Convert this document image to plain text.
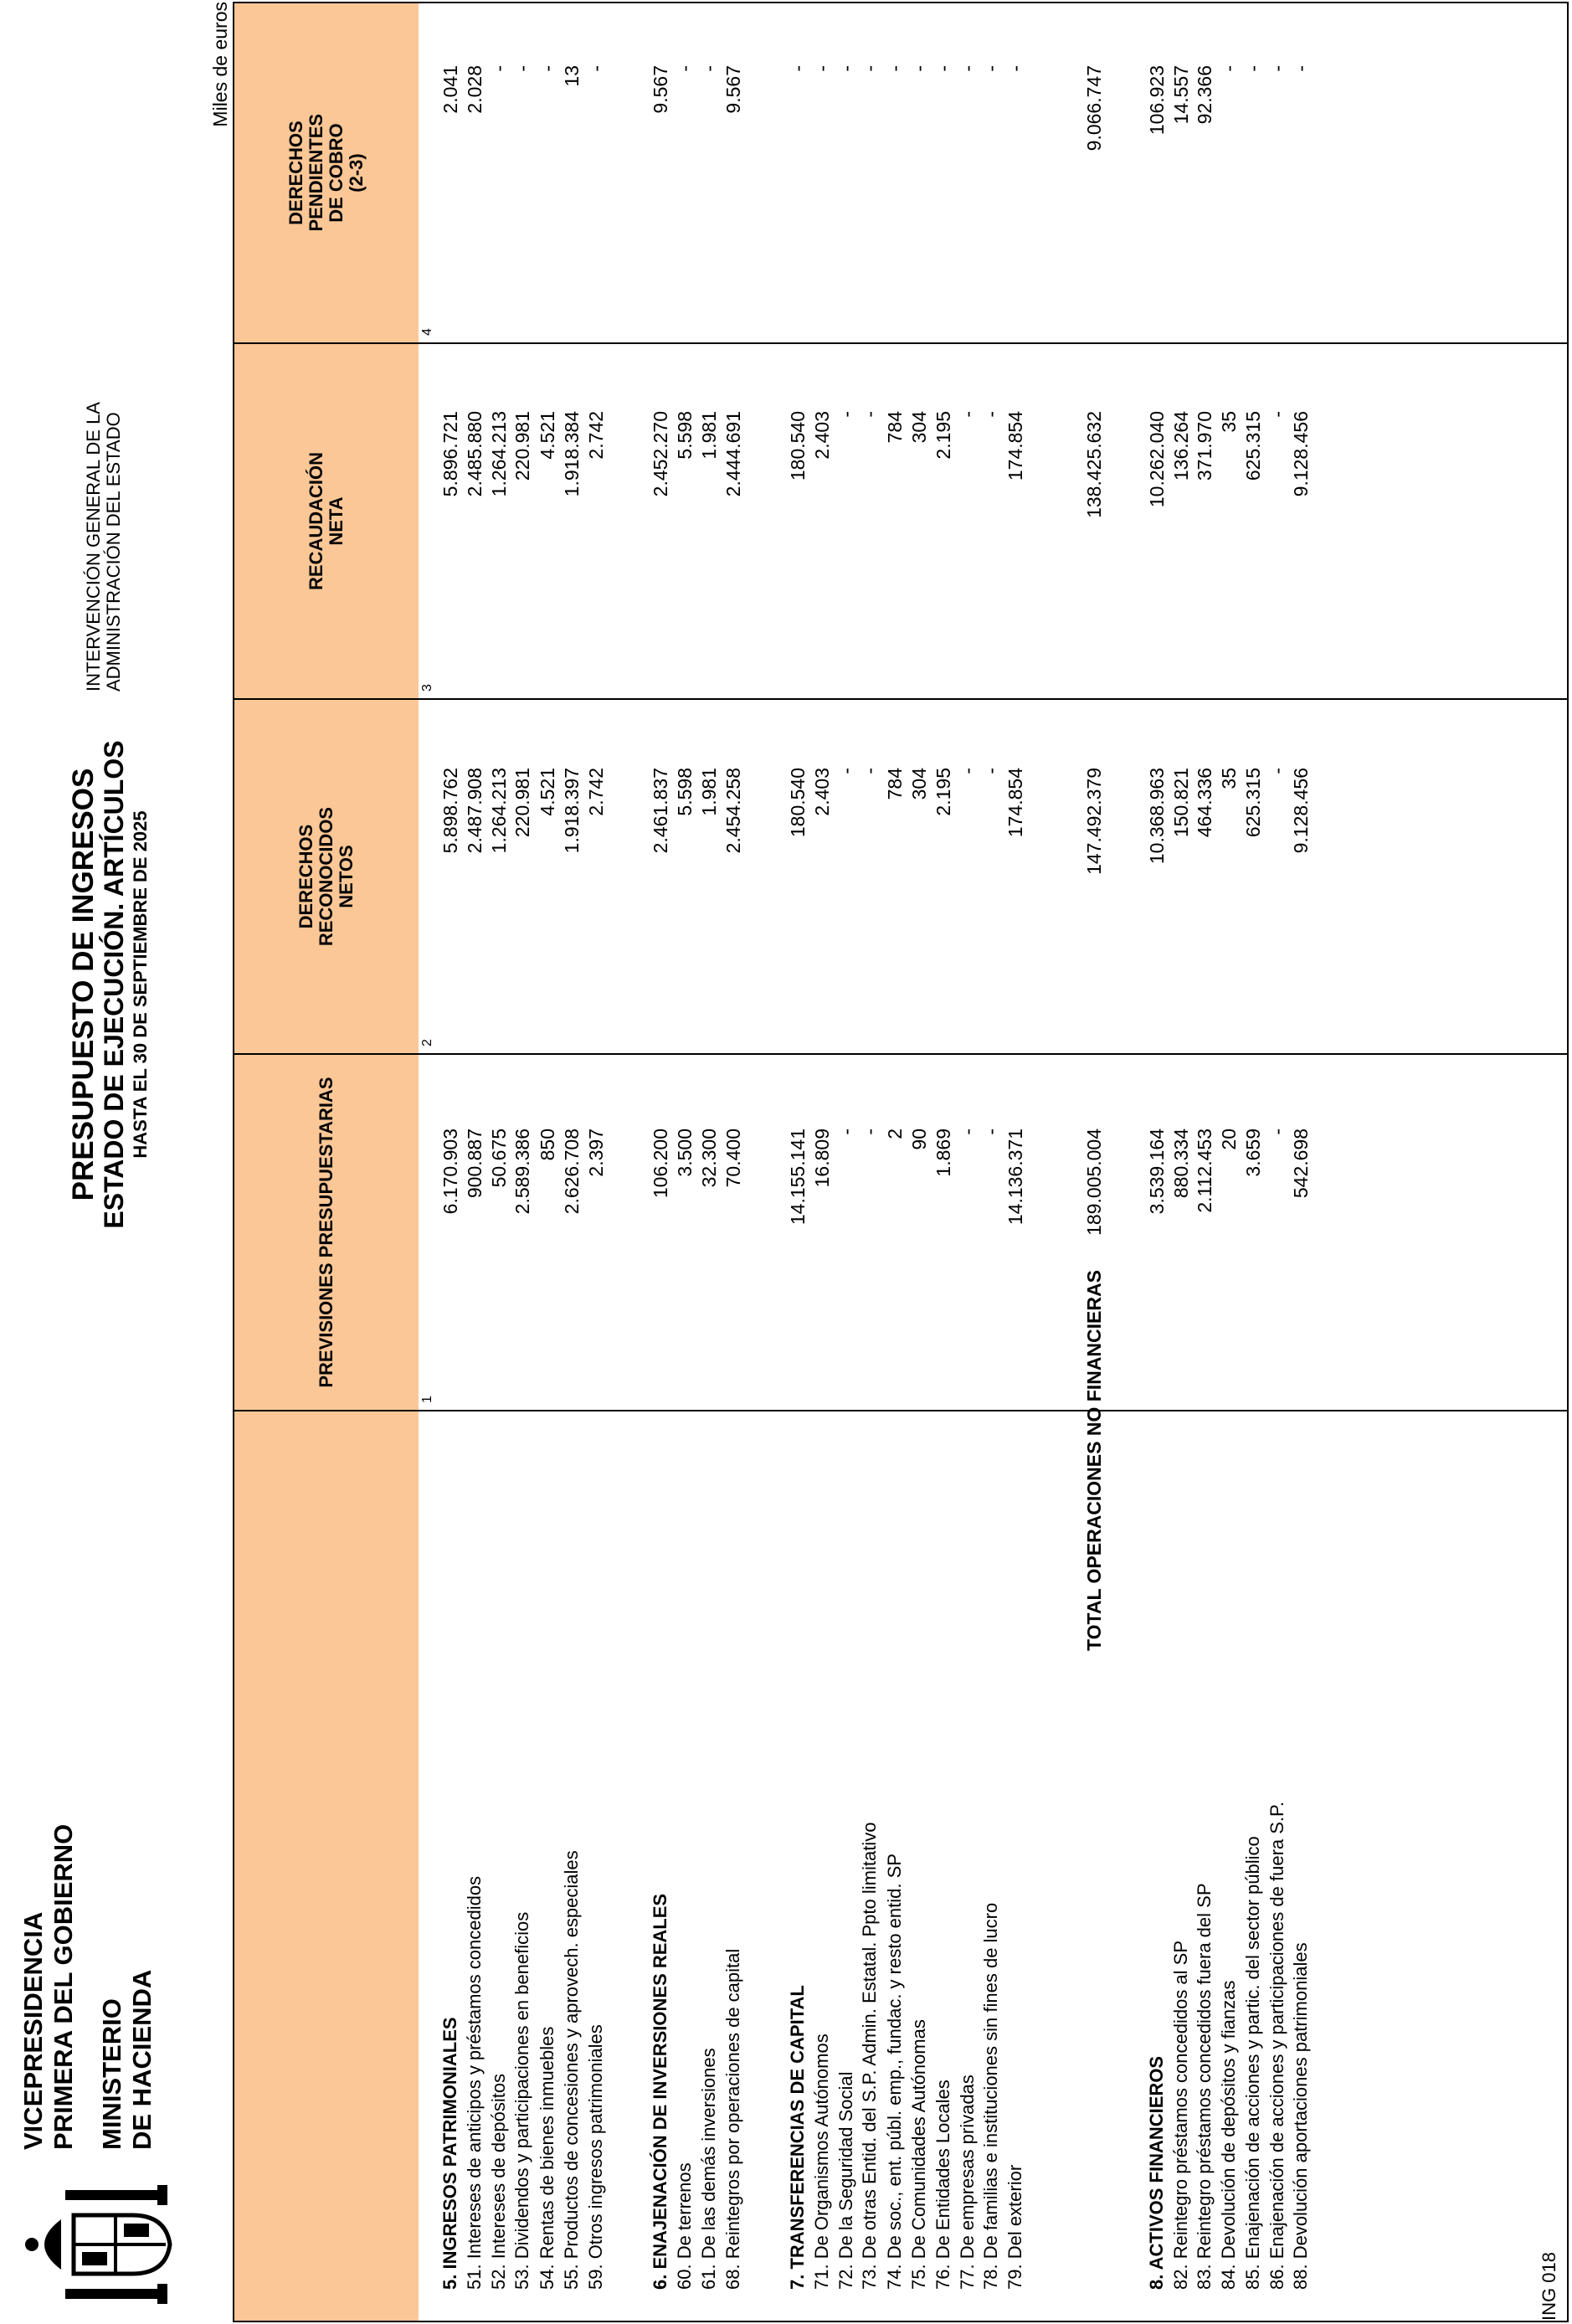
VICEPRESIDENCIA PRIMERA DEL GOBIERNO MINISTERIO DE HACIENDA
PRESUPUESTO DE INGRESOS ESTADO DE EJECUCIÓN. ARTÍCULOS HASTA EL 30 DE SEPTIEMBRE DE 2025
INTERVENCIÓN GENERAL DE LA ADMINISTRACIÓN DEL ESTADO
Miles de euros
PREVISIONES PRESUPUESTARIAS
DERECHOS RECONOCIDOS NETOS
RECAUDACIÓN NETA
DERECHOS PENDIENTES DE COBRO (2-3)
1
2
3
4
5. INGRESOS PATRIMONIALES
6.170.903
5.898.762
5.896.721
2.041
51. Intereses de anticipos y préstamos concedidos
900.887
2.487.908
2.485.880
2.028
52. Intereses de depósitos
50.675
1.264.213
1.264.213
-
53. Dividendos y participaciones en beneficios
2.589.386
220.981
220.981
-
54. Rentas de bienes inmuebles
850
4.521
4.521
-
55. Productos de concesiones y aprovech. especiales
2.626.708
1.918.397
1.918.384
13
59. Otros ingresos patrimoniales
2.397
2.742
2.742
-
6. ENAJENACIÓN DE INVERSIONES REALES
106.200
2.461.837
2.452.270
9.567
60. De terrenos
3.500
5.598
5.598
-
61. De las demás inversiones
32.300
1.981
1.981
-
68. Reintegros por operaciones de capital
70.400
2.454.258
2.444.691
9.567
7. TRANSFERENCIAS DE CAPITAL
14.155.141
180.540
180.540
-
71. De Organismos Autónomos
16.809
2.403
2.403
-
72. De la Seguridad Social
-
-
-
-
73. De otras Entid. del S.P. Admin. Estatal. Ppto limitativo
-
-
-
-
74. De soc., ent. públ. emp., fundac. y resto entid. SP
2
784
784
-
75. De Comunidades Autónomas
90
304
304
-
76. De Entidades Locales
1.869
2.195
2.195
-
77. De empresas privadas
-
-
-
-
78. De familias e instituciones sin fines de lucro
-
-
-
-
79. Del exterior
14.136.371
174.854
174.854
-
TOTAL OPERACIONES NO FINANCIERAS
189.005.004
147.492.379
138.425.632
9.066.747
8. ACTIVOS FINANCIEROS
3.539.164
10.368.963
10.262.040
106.923
82. Reintegro préstamos concedidos al SP
880.334
150.821
136.264
14.557
83. Reintegro préstamos concedidos fuera del SP
2.112.453
464.336
371.970
92.366
84. Devolución de depósitos y fianzas
20
35
35
-
85. Enajenación de acciones y partic. del sector público
3.659
625.315
625.315
-
86. Enajenación de acciones y participaciones de fuera S.P.
-
-
-
-
88. Devolución aportaciones patrimoniales
542.698
9.128.456
9.128.456
-
ING 018
